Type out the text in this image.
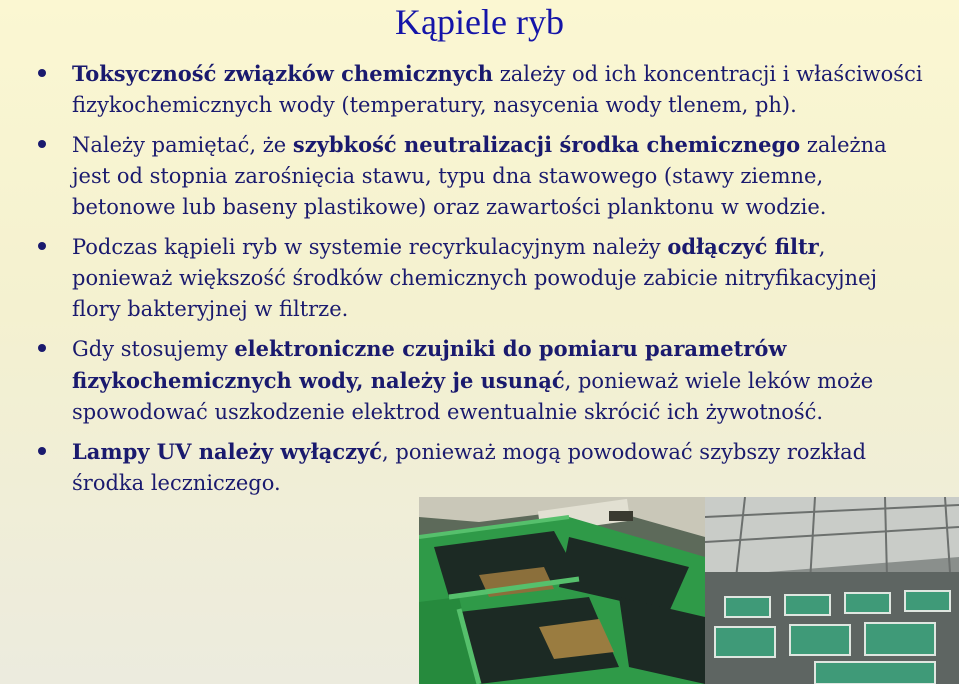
Kąpiele ryb
Toksyczność związków chemicznych zależy od ich koncentracji i właściwości fizykochemicznych wody (temperatury, nasycenia wody tlenem, ph).
Należy pamiętać, że szybkość neutralizacji środka chemicznego zależna jest od stopnia zarośnięcia stawu, typu dna stawowego (stawy ziemne, betonowe lub baseny plastikowe) oraz zawartości planktonu w wodzie.
Podczas kąpieli ryb w systemie recyrkulacyjnym należy odłączyć filtr, ponieważ większość środków chemicznych powoduje zabicie nitryfikacyjnej flory bakteryjnej w filtrze.
Gdy stosujemy elektroniczne czujniki do pomiaru parametrów fizykochemicznych wody, należy je usunąć, ponieważ wiele leków może spowodować uszkodzenie elektrod ewentualnie skrócić ich żywotność.
Lampy UV należy wyłączyć, ponieważ mogą powodować szybszy rozkład środka leczniczego.
